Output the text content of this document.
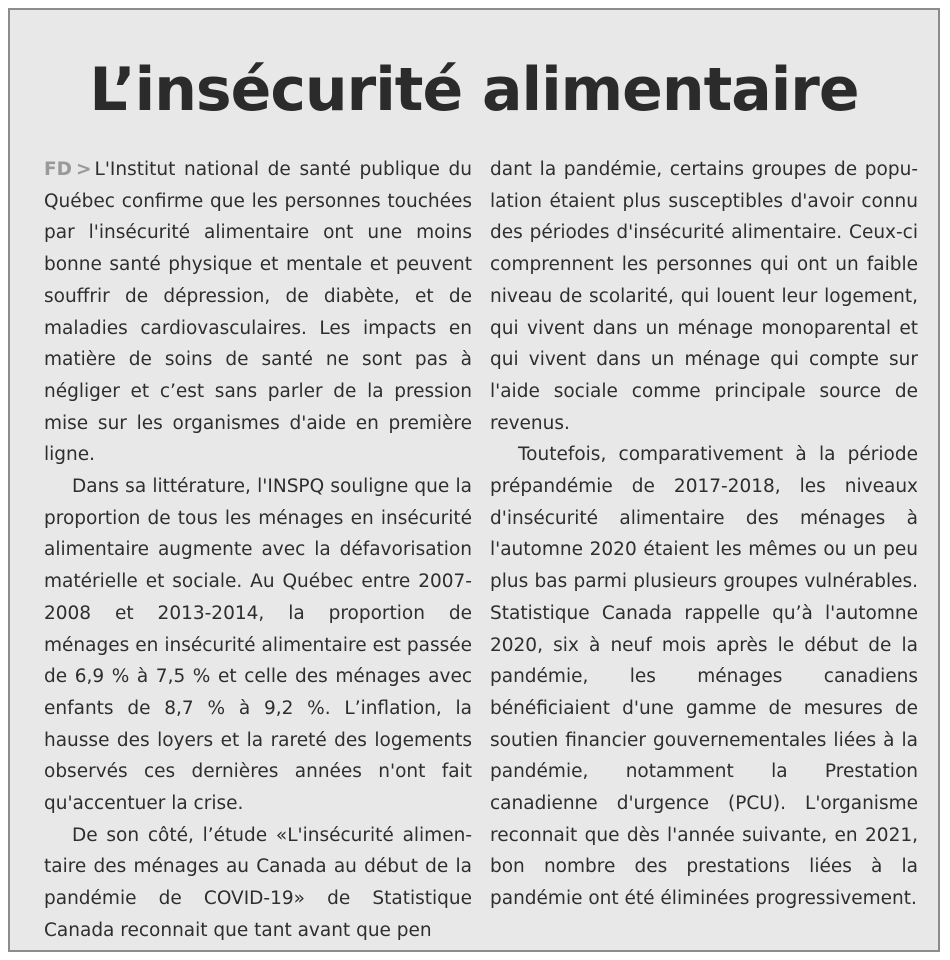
L’insécurité alimentaire

FD > L'Institut national de santé publique du Québec confirme que les personnes touchées par l'insécurité alimentaire ont une moins bonne santé physique et mentale et peuvent souffrir de dépression, de diabète, et de maladies cardiovasculaires. Les impacts en matière de soins de santé ne sont pas à négliger et c’est sans parler de la pression mise sur les organismes d'aide en première ligne.

Dans sa littérature, l'INSPQ souligne que la proportion de tous les ménages en insécurité alimentaire augmente avec la défavorisation matérielle et sociale. Au Québec entre 2007-2008 et 2013-2014, la proportion de ménages en insécurité alimentaire est passée de 6,9 % à 7,5 % et celle des ménages avec enfants de 8,7 % à 9,2 %. L’inflation, la hausse des loyers et la rareté des logements observés ces dernières années n'ont fait qu'accentuer la crise.

De son côté, l’étude «L'insécurité alimentaire des ménages au Canada au début de la pandémie de COVID-19» de Statistique Canada reconnait que tant avant que pen

dant la pandémie, certains groupes de population étaient plus susceptibles d'avoir connu des périodes d'insécurité alimentaire. Ceux-ci comprennent les personnes qui ont un faible niveau de scolarité, qui louent leur logement, qui vivent dans un ménage monoparental et qui vivent dans un ménage qui compte sur l'aide sociale comme principale source de revenus.

Toutefois, comparativement à la période prépandémie de 2017-2018, les niveaux d'insécurité alimentaire des ménages à l'automne 2020 étaient les mêmes ou un peu plus bas parmi plusieurs groupes vulnérables. Statistique Canada rappelle qu’à l'automne 2020, six à neuf mois après le début de la pandémie, les ménages canadiens bénéficiaient d'une gamme de mesures de soutien financier gouvernementales liées à la pandémie, notamment la Prestation canadienne d'urgence (PCU). L'organisme reconnait que dès l'année suivante, en 2021, bon nombre des prestations liées à la pandémie ont été éliminées progressivement.
